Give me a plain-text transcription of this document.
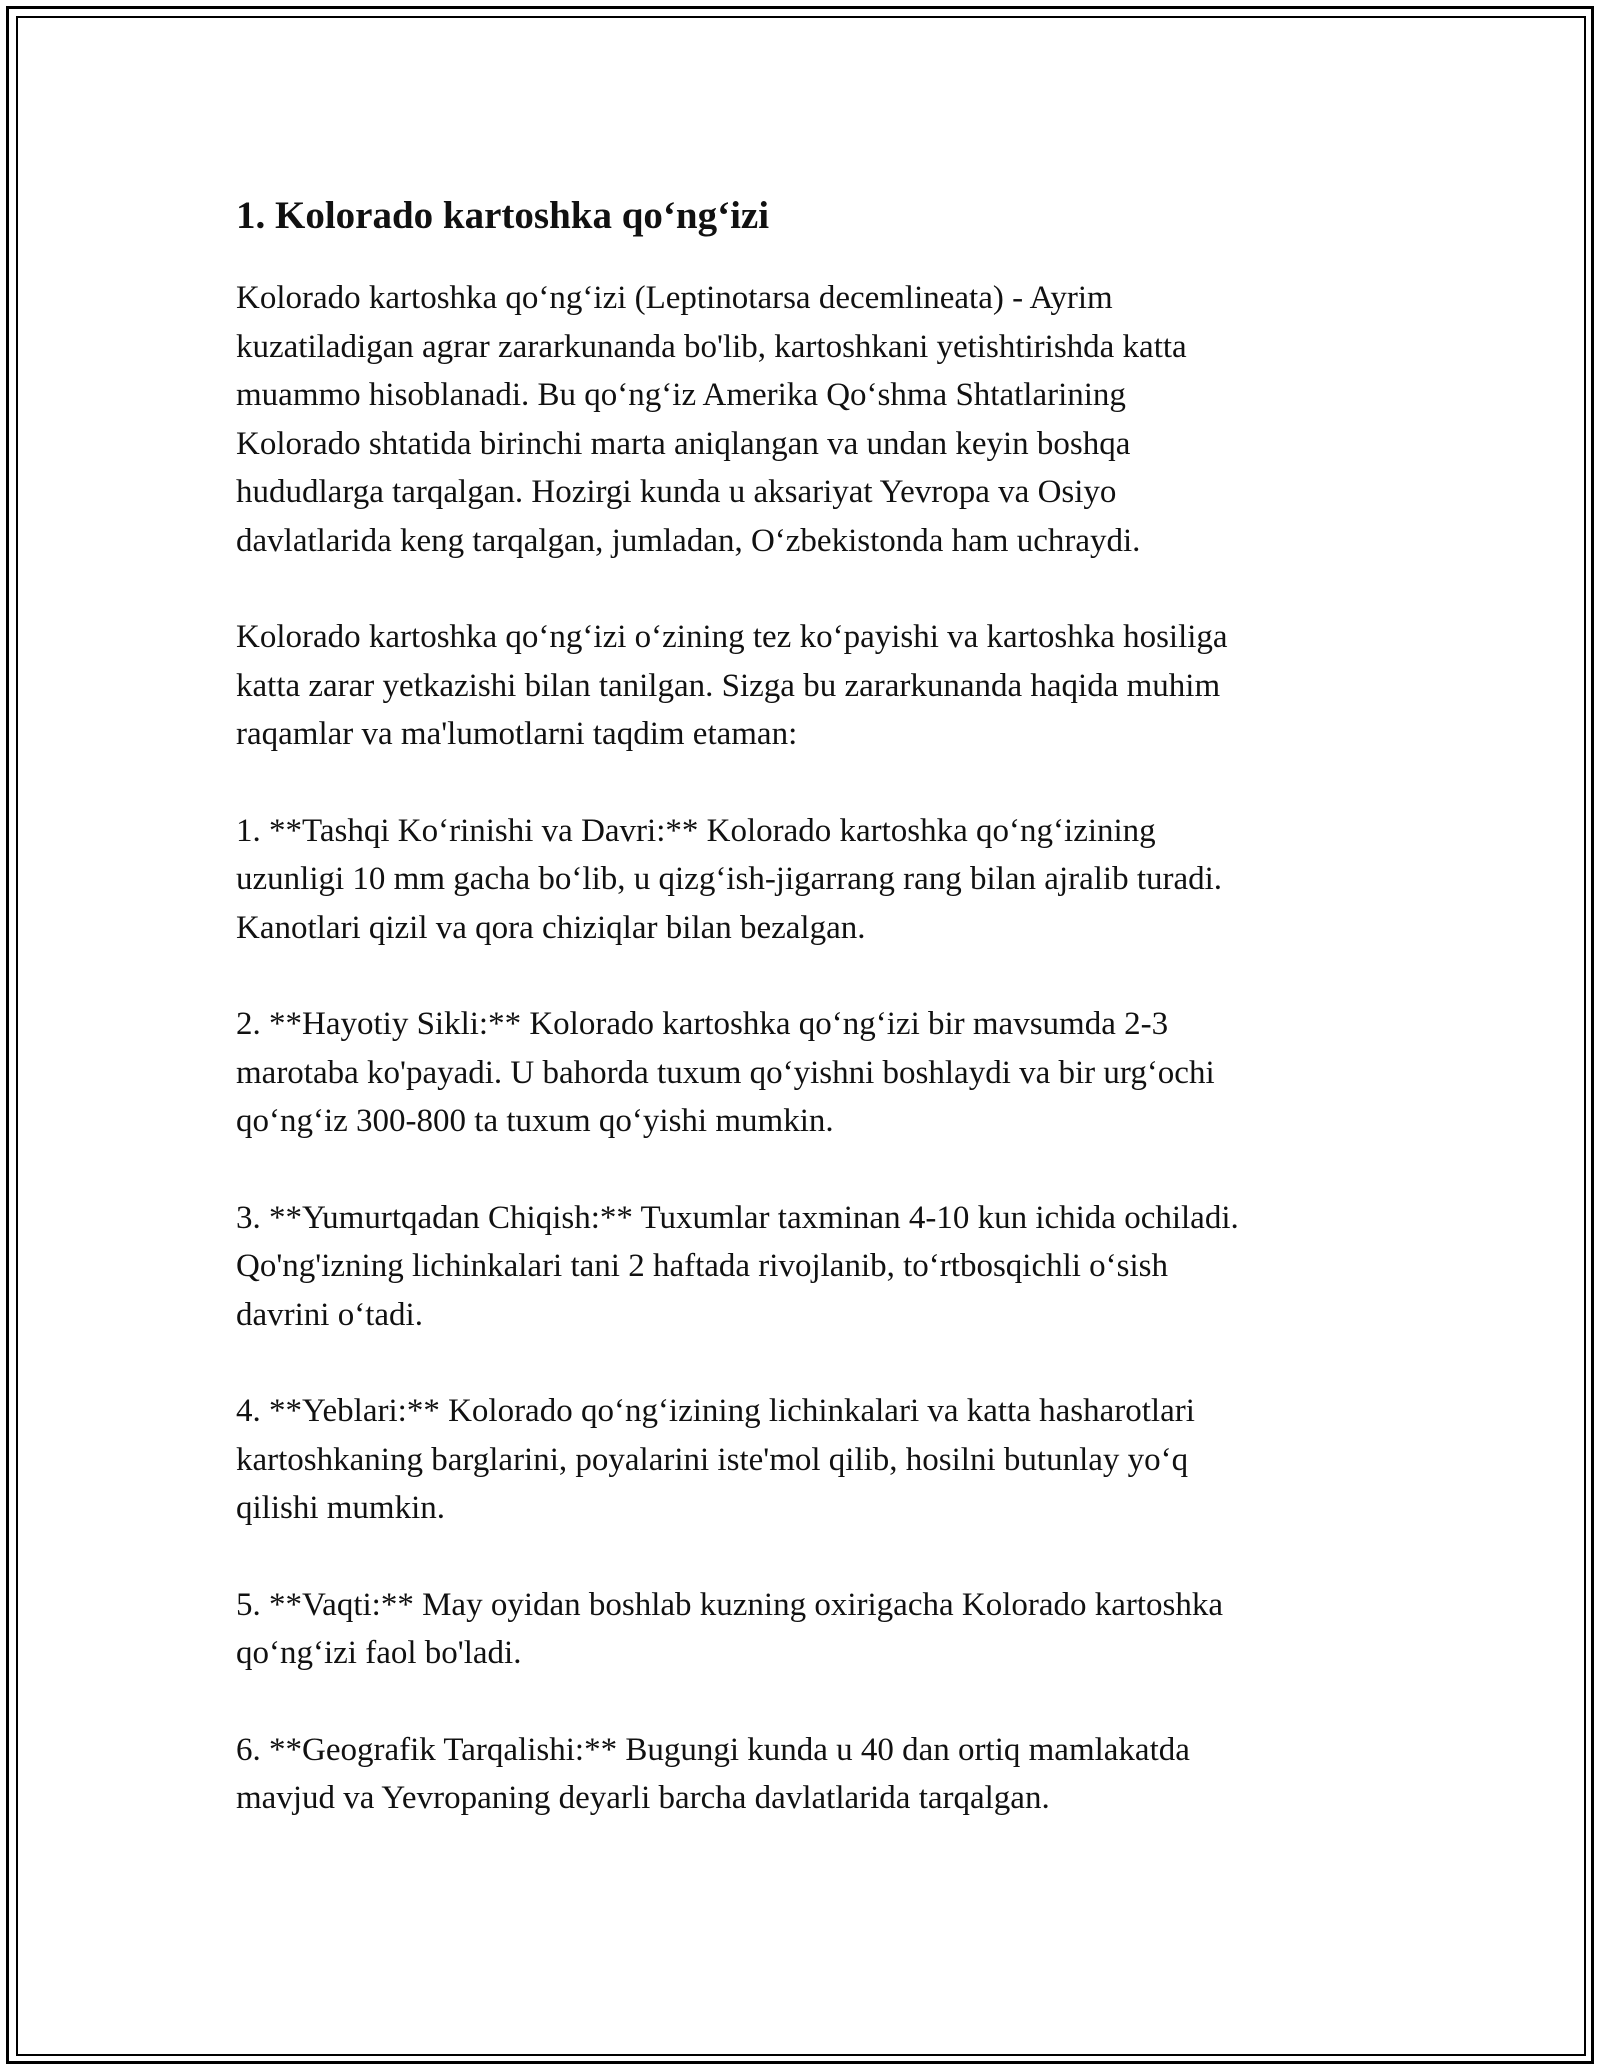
1. Kolorado kartoshka qo‘ng‘izi

Kolorado kartoshka qo‘ng‘izi (Leptinotarsa decemlineata) - Ayrim
kuzatiladigan agrar zararkunanda bo'lib, kartoshkani yetishtirishda katta
muammo hisoblanadi. Bu qo‘ng‘iz Amerika Qo‘shma Shtatlarining
Kolorado shtatida birinchi marta aniqlangan va undan keyin boshqa
hududlarga tarqalgan. Hozirgi kunda u aksariyat Yevropa va Osiyo
davlatlarida keng tarqalgan, jumladan, O‘zbekistonda ham uchraydi.

Kolorado kartoshka qo‘ng‘izi o‘zining tez ko‘payishi va kartoshka hosiliga
katta zarar yetkazishi bilan tanilgan. Sizga bu zararkunanda haqida muhim
raqamlar va ma'lumotlarni taqdim etaman:

1. **Tashqi Ko‘rinishi va Davri:** Kolorado kartoshka qo‘ng‘izining
uzunligi 10 mm gacha bo‘lib, u qizg‘ish-jigarrang rang bilan ajralib turadi.
Kanotlari qizil va qora chiziqlar bilan bezalgan.

2. **Hayotiy Sikli:** Kolorado kartoshka qo‘ng‘izi bir mavsumda 2-3
marotaba ko'payadi. U bahorda tuxum qo‘yishni boshlaydi va bir urg‘ochi
qo‘ng‘iz 300-800 ta tuxum qo‘yishi mumkin.

3. **Yumurtqadan Chiqish:** Tuxumlar taxminan 4-10 kun ichida ochiladi.
Qo'ng'izning lichinkalari tani 2 haftada rivojlanib, to‘rtbosqichli o‘sish
davrini o‘tadi.

4. **Yeblari:** Kolorado qo‘ng‘izining lichinkalari va katta hasharotlari
kartoshkaning barglarini, poyalarini iste'mol qilib, hosilni butunlay yo‘q
qilishi mumkin.

5. **Vaqti:** May oyidan boshlab kuzning oxirigacha Kolorado kartoshka
qo‘ng‘izi faol bo'ladi.

6. **Geografik Tarqalishi:** Bugungi kunda u 40 dan ortiq mamlakatda
mavjud va Yevropaning deyarli barcha davlatlarida tarqalgan.
